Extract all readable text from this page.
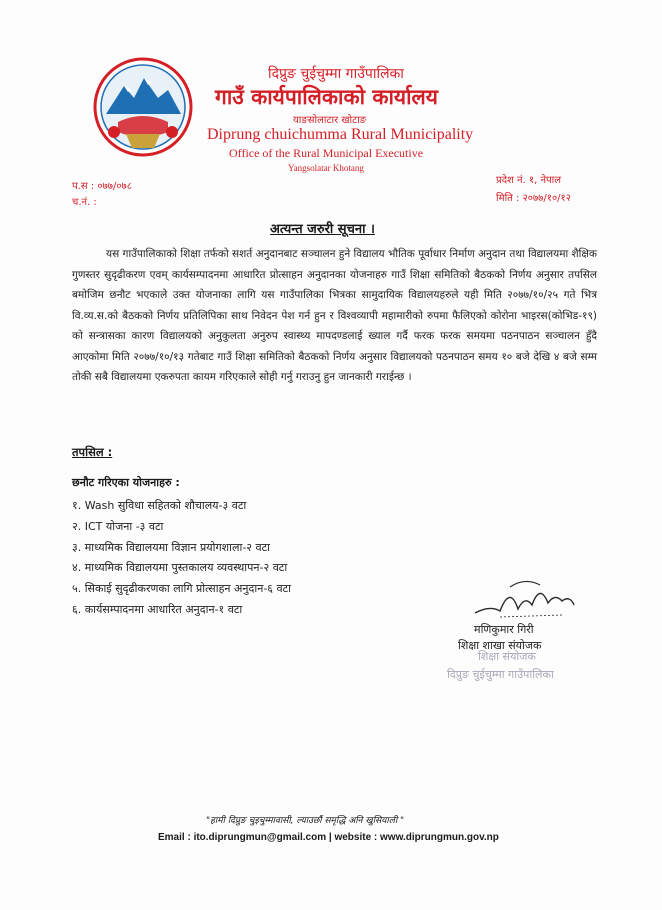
दिप्रुङ चुईचुम्मा गाउँपालिका
गाउँ कार्यपालिकाको कार्यालय
याङसोलाटार खोटाङ
Diprung chuichumma Rural Municipality
Office of the Rural Municipal Executive
Yangsolatar Khotang
प.स : ०७७/०७८
च.नं. :
प्रदेश नं. १, नेपाल
मिति : २०७७/१०/१२
अत्यन्त जरुरी सूचना ।
यस गाउँपालिकाको शिक्षा तर्फको सशर्त अनुदानबाट सञ्चालन हुने विद्यालय भौतिक पूर्वाधार निर्माण अनुदान तथा विद्यालयमा शैक्षिक गुणस्तर सुदृढीकरण एवम् कार्यसम्पादनमा आधारित प्रोत्साहन अनुदानका योजनाहरु गाउँ शिक्षा समितिको बैठकको निर्णय अनुसार तपसिल बमोजिम छनौट भएकाले उक्त योजनाका लागि यस गाउँपालिका भित्रका सामुदायिक विद्यालयहरुले यही मिति २०७७/१०/२५ गते भित्र वि.व्य.स.को बैठकको निर्णय प्रतिलिपिका साथ निवेदन पेश गर्न हुन र विश्वव्यापी महामारीको रुपमा फैलिएको कोरोना भाइरस(कोभिड-१९) को सन्त्रासका कारण विद्यालयको अनुकुलता अनुरुप स्वास्थ्य मापदण्डलाई ख्याल गर्दै फरक फरक समयमा पठनपाठन सञ्चालन हुँदै आएकोमा मिति २०७७/१०/१३ गतेबाट गाउँ शिक्षा समितिको बैठकको निर्णय अनुसार विद्यालयको पठनपाठन समय १० बजे देखि ४ बजे सम्म तोकी सबै विद्यालयमा एकरुपता कायम गरिएकाले सोही गर्नु गराउनु हुन जानकारी गराईन्छ ।
तपसिल :
छनौट गरिएका योजनाहरु :
१. Wash सुविधा सहितको शौचालय-३ वटा
२. ICT योजना -३ वटा
३. माध्यमिक विद्यालयमा विज्ञान प्रयोगशाला-२ वटा
४. माध्यमिक विद्यालयमा पुस्तकालय व्यवस्थापन-२ वटा
५. सिकाई सुदृढीकरणका लागि प्रोत्साहन अनुदान-६ वटा
६. कार्यसम्पादनमा आधारित अनुदान-१ वटा
मणिकुमार गिरी
शिक्षा शाखा संयोजक
शिक्षा संयोजक
दिप्रुङ चुईचुम्मा गाउँपालिका
"हामी दिप्रुङ चुइचुम्मावासी, ल्याउछौं समृद्धि अनि खुसियाली "
Email : ito.diprungmun@gmail.com | website : www.diprungmun.gov.np
